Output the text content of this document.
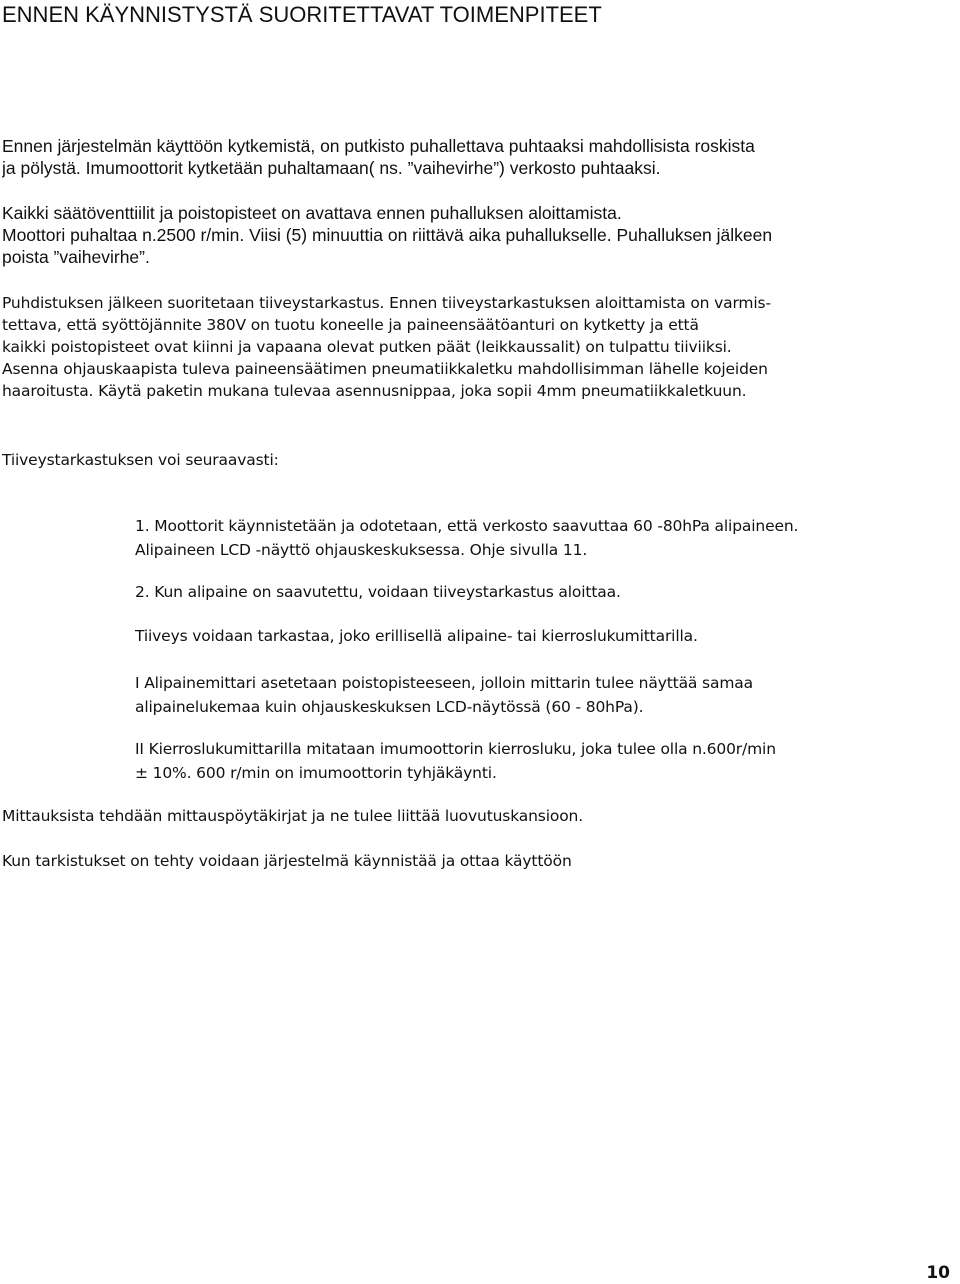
ENNEN KÄYNNISTYSTÄ SUORITETTAVAT TOIMENPITEET
Ennen järjestelmän käyttöön kytkemistä, on putkisto puhallettava puhtaaksi mahdollisista roskista
ja pölystä. Imumoottorit kytketään puhaltamaan( ns. ”vaihevirhe”) verkosto puhtaaksi.
Kaikki säätöventtiilit ja poistopisteet on avattava ennen puhalluksen aloittamista.
Moottori puhaltaa n.2500 r/min. Viisi (5) minuuttia on riittävä aika puhallukselle. Puhalluksen jälkeen
poista ”vaihevirhe”.
Puhdistuksen jälkeen suoritetaan tiiveystarkastus. Ennen tiiveystarkastuksen aloittamista on varmis-
tettava, että syöttöjännite 380V on tuotu koneelle ja paineensäätöanturi on kytketty ja että
kaikki poistopisteet ovat kiinni ja vapaana olevat putken päät (leikkaussalit) on tulpattu tiiviiksi.
Asenna ohjauskaapista tuleva paineensäätimen pneumatiikkaletku mahdollisimman lähelle kojeiden
haaroitusta. Käytä paketin mukana tulevaa asennusnippaa, joka sopii 4mm pneumatiikkaletkuun.
Tiiveystarkastuksen voi seuraavasti:
1. Moottorit käynnistetään ja odotetaan, että verkosto saavuttaa 60 -80hPa alipaineen.
Alipaineen LCD -näyttö ohjauskeskuksessa. Ohje sivulla 11.
2. Kun alipaine on saavutettu, voidaan tiiveystarkastus aloittaa.
Tiiveys voidaan tarkastaa, joko erillisellä alipaine- tai kierroslukumittarilla.
I Alipainemittari asetetaan poistopisteeseen, jolloin mittarin tulee näyttää samaa
alipainelukemaa kuin ohjauskeskuksen LCD-näytössä (60 - 80hPa).
II Kierroslukumittarilla mitataan imumoottorin kierrosluku, joka tulee olla n.600r/min
± 10%. 600 r/min on imumoottorin tyhjäkäynti.
Mittauksista tehdään mittauspöytäkirjat ja ne tulee liittää luovutuskansioon.
Kun tarkistukset on tehty voidaan järjestelmä käynnistää ja ottaa käyttöön
10
